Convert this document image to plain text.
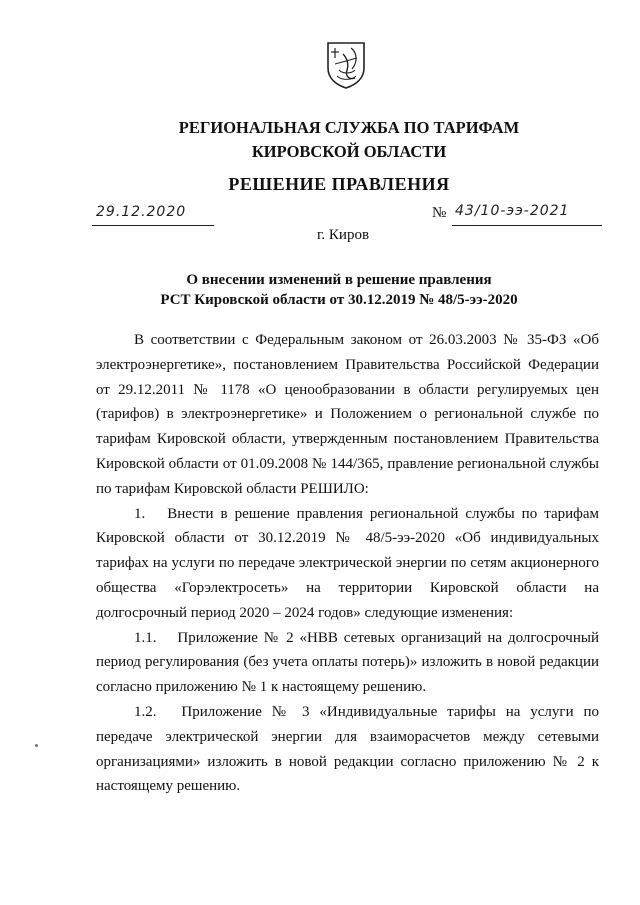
РЕГИОНАЛЬНАЯ СЛУЖБА ПО ТАРИФАМ
КИРОВСКОЙ ОБЛАСТИ
РЕШЕНИЕ ПРАВЛЕНИЯ
29.12.2020	№ 43/10-ээ-2021
г. Киров
О внесении изменений в решение правления
РСТ Кировской области от 30.12.2019 № 48/5-ээ-2020

В соответствии с Федеральным законом от 26.03.2003 № 35-ФЗ «Об электроэнергетике», постановлением Правительства Российской Федерации от 29.12.2011 № 1178 «О ценообразовании в области регулируемых цен (тарифов) в электроэнергетике» и Положением о региональной службе по тарифам Кировской области, утвержденным постановлением Правительства Кировской области от 01.09.2008 № 144/365, правление региональной службы по тарифам Кировской области РЕШИЛО:

1.  Внести в решение правления региональной службы по тарифам Кировской области от 30.12.2019 № 48/5-ээ-2020 «Об индивидуальных тарифах на услуги по передаче электрической энергии по сетям акционерного общества «Горэлектросеть» на территории Кировской области на долгосрочный период 2020 – 2024 годов» следующие изменения:

1.1.  Приложение № 2 «НВВ сетевых организаций на долгосрочный период регулирования (без учета оплаты потерь)» изложить в новой редакции согласно приложению № 1 к настоящему решению.

1.2.  Приложение № 3 «Индивидуальные тарифы на услуги по передаче электрической энергии для взаиморасчетов между сетевыми организациями» изложить в новой редакции согласно приложению № 2 к настоящему решению.
